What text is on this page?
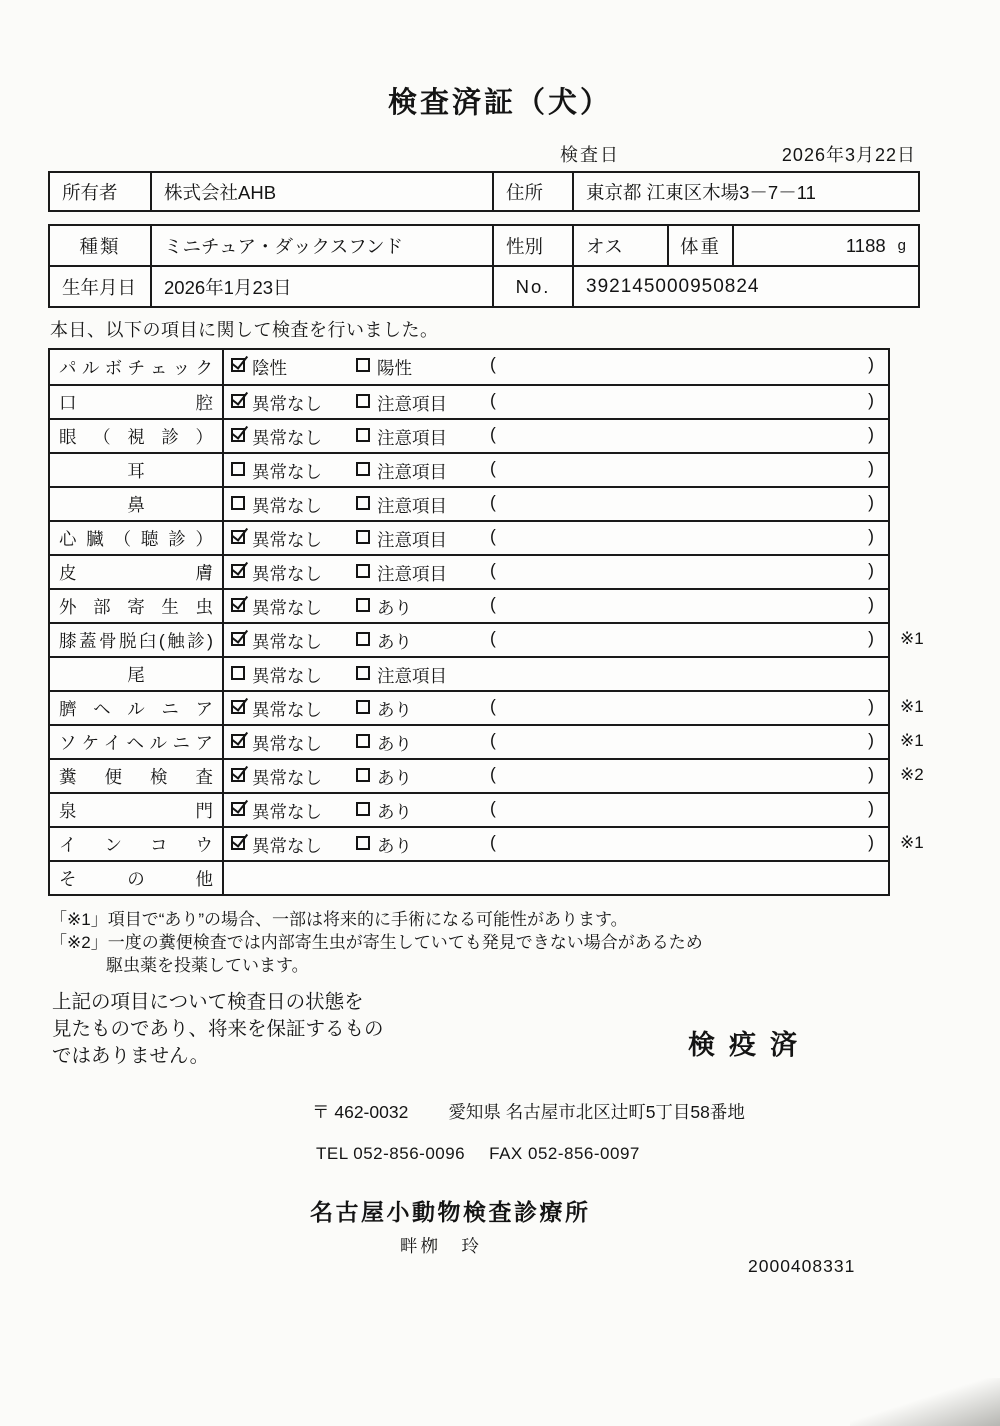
検査済証（犬）
検査日	2026年3月22日
所有者	株式会社AHB	住所	東京都 江東区木場3－7－11
種類	ミニチュア・ダックスフンド	性別	オス	体重	1188 g
生年月日	2026年1月23日	No.	392145000950824
本日、以下の項目に関して検査を行いました。
パルボチェック 陰性	陽性	(	)
口腔 異常なし	注意項目 (	)
眼（視診） 異常なし	注意項目 (	)
耳	異常なし	注意項目 (	)
鼻	異常なし	注意項目 (	)
心臓（聴診） 異常なし	注意項目 (	)
皮膚 異常なし	注意項目 (	)
外部寄生虫 異常なし	あり	(	)
膝蓋骨脱臼(触診) 異常なし	あり	(	) ※1
尾	異常なし	注意項目
臍ヘルニア 異常なし	あり	(	) ※1
ソケイヘルニア 異常なし	あり	(	) ※1
糞便検査 異常なし	あり	(	) ※2
泉門 異常なし	あり	(	)
インコウ 異常なし	あり	(	) ※1
その他
「※1」項目で“あり”の場合、一部は将来的に手術になる可能性があります。
「※2」一度の糞便検査では内部寄生虫が寄生していても発見できない場合があるため
駆虫薬を投薬しています。
上記の項目について検査日の状態を
見たものであり、将来を保証するもの
ではありません。	検疫済
〒 462-0032 愛知県 名古屋市北区辻町5丁目58番地
TEL 052-856-0096 FAX 052-856-0097
名古屋小動物検査診療所
畔栁　玲
2000408331
